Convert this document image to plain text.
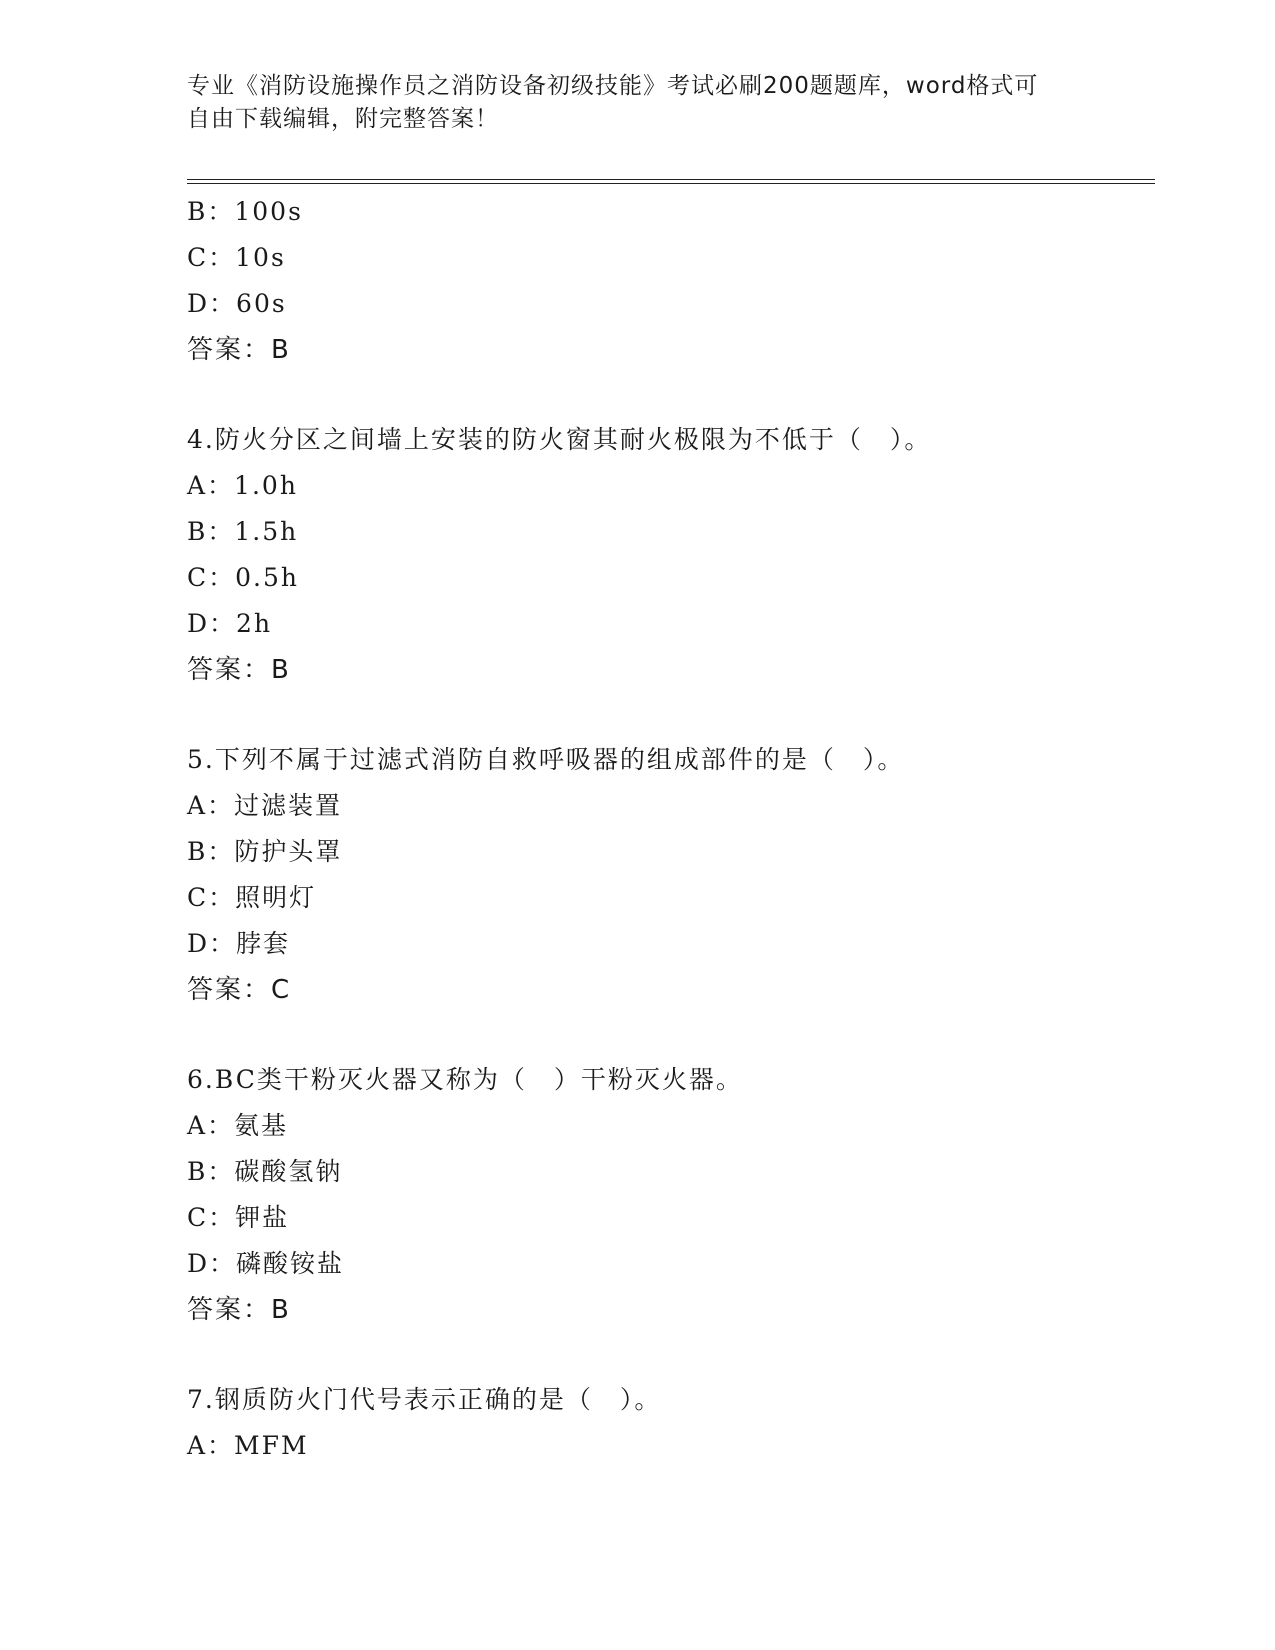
专业《消防设施操作员之消防设备初级技能》考试必刷200题题库，word格式可
自由下载编辑，附完整答案！
B：100s
C：10s
D：60s
答案：B
4.防火分区之间墙上安装的防火窗其耐火极限为不低于（　）。
A：1.0h
B：1.5h
C：0.5h
D：2h
答案：B
5.下列不属于过滤式消防自救呼吸器的组成部件的是（　）。
A：过滤装置
B：防护头罩
C：照明灯
D：脖套
答案：C
6.BC类干粉灭火器又称为（　）干粉灭火器。
A：氨基
B：碳酸氢钠
C：钾盐
D：磷酸铵盐
答案：B
7.钢质防火门代号表示正确的是（　）。
A：MFM
